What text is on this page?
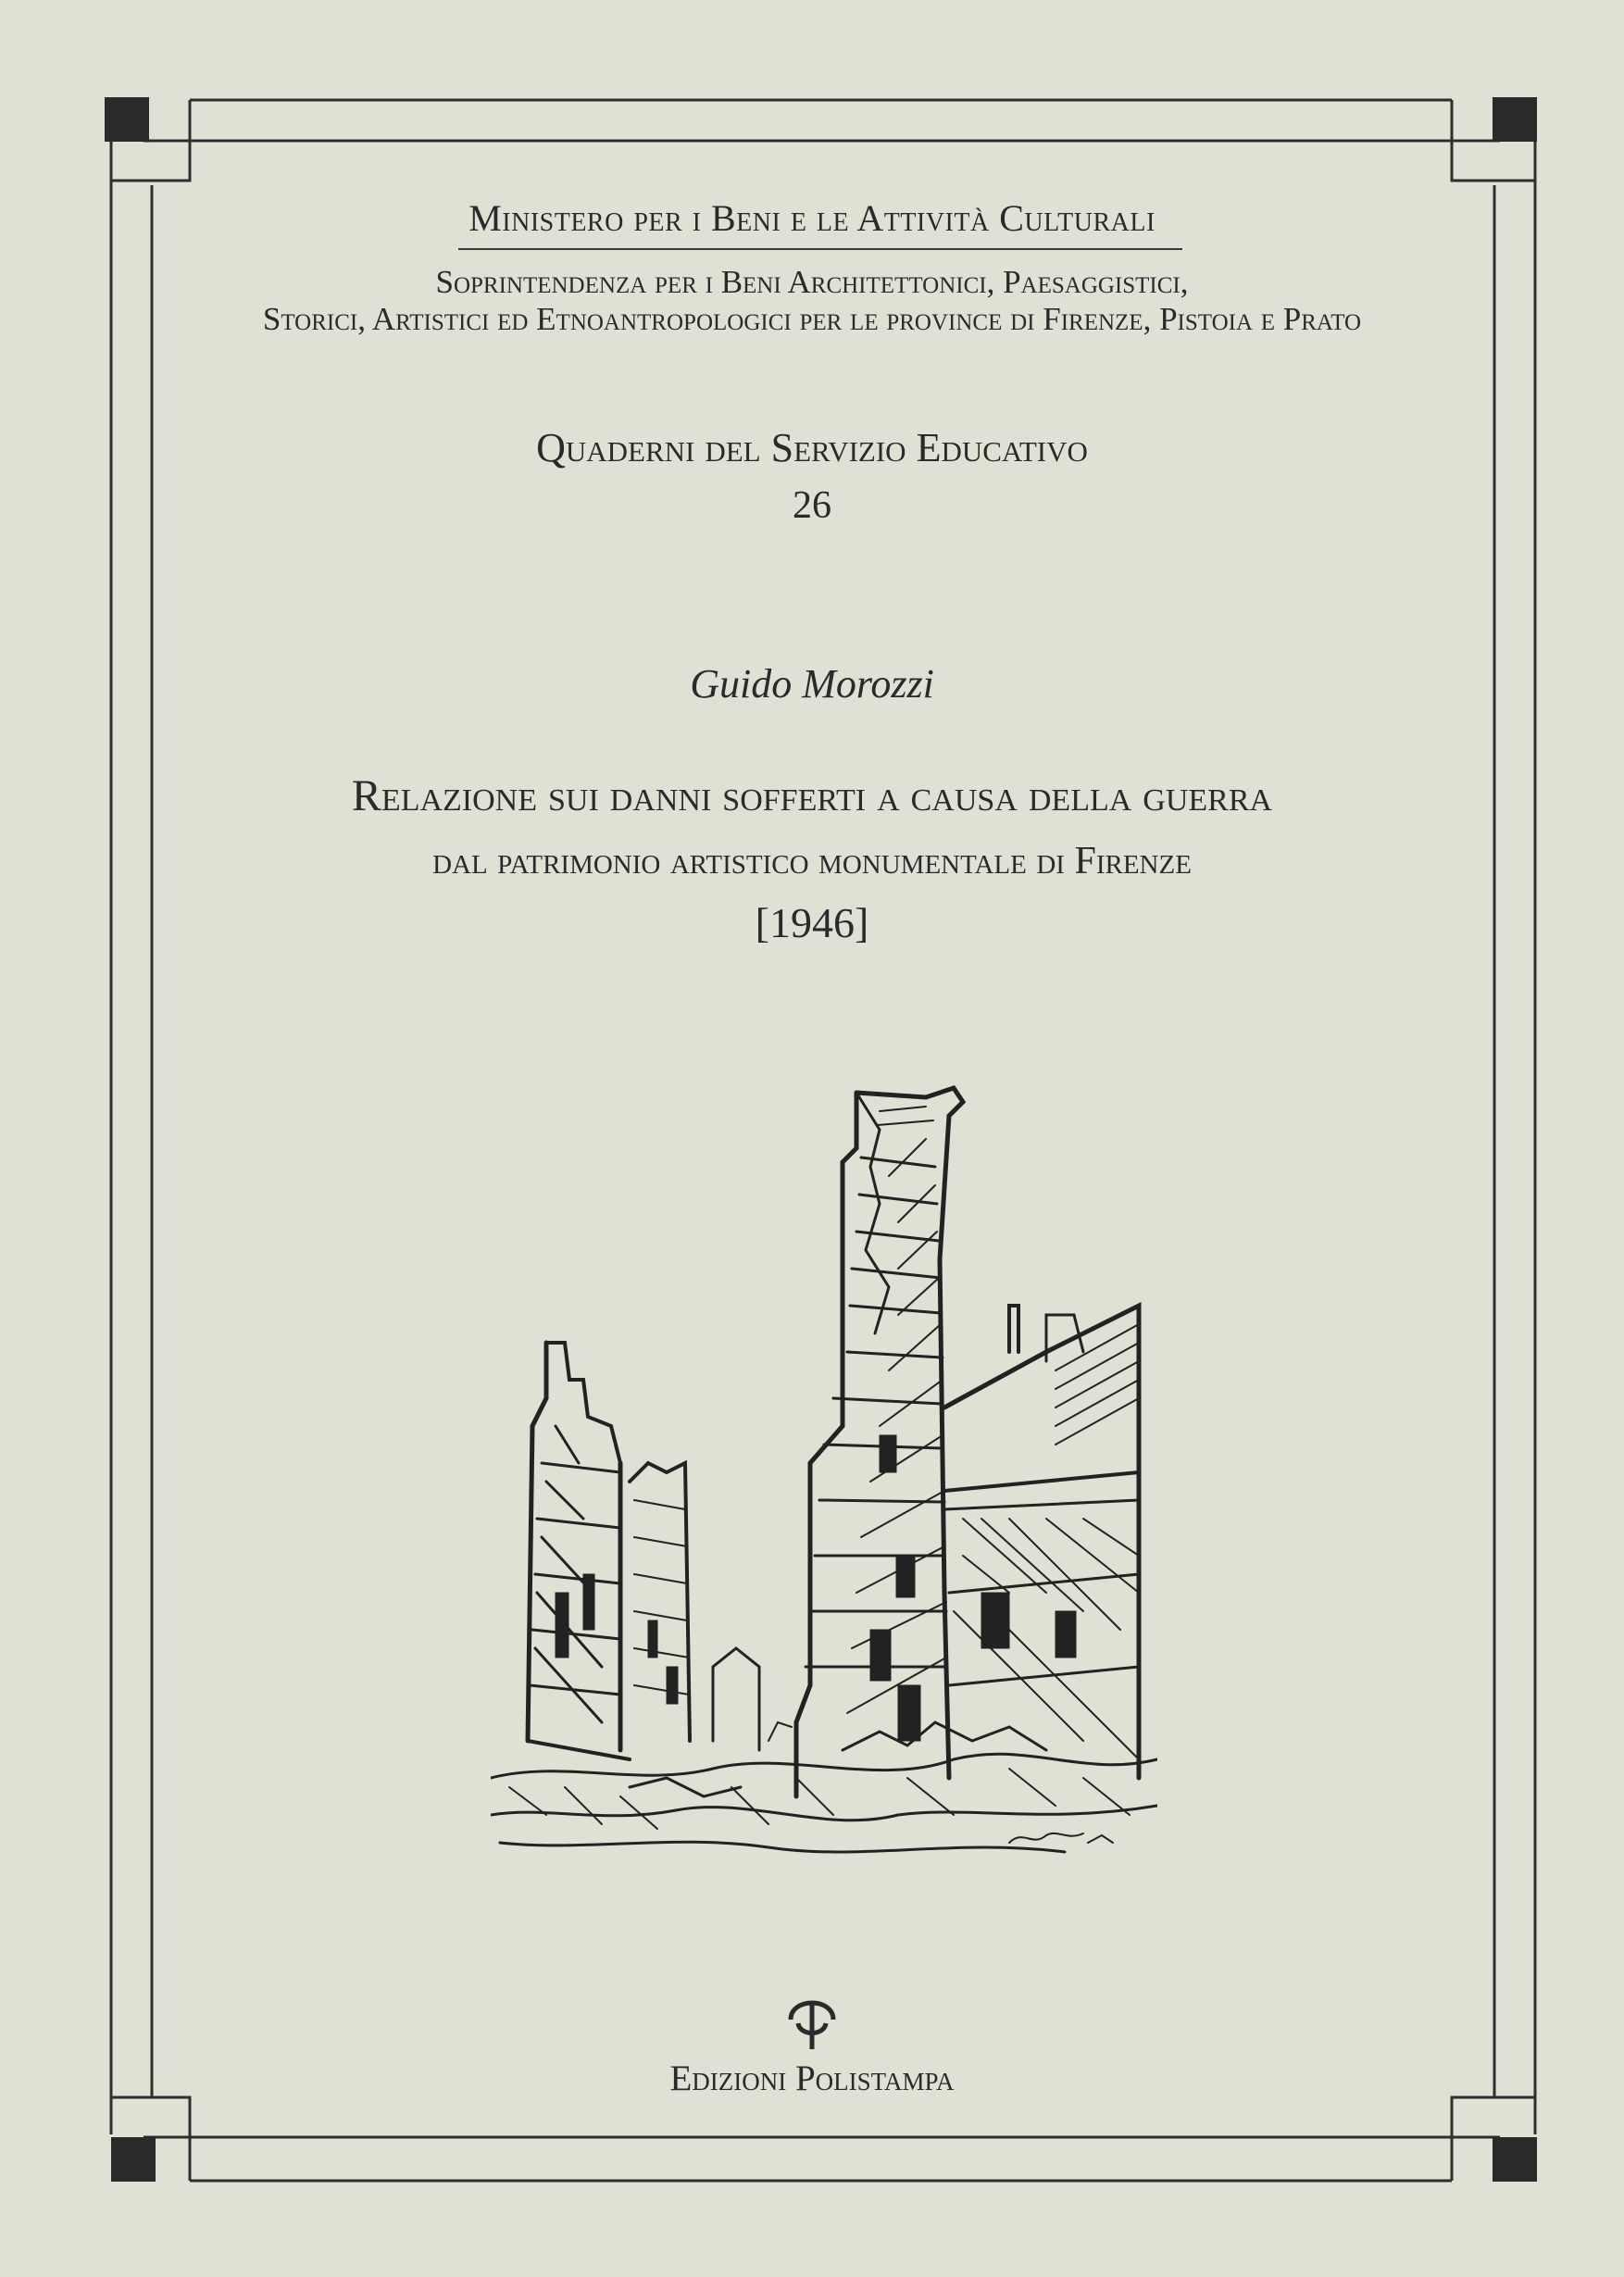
Ministero per i Beni e le Attività Culturali
Soprintendenza per i Beni Architettonici, Paesaggistici,
Storici, Artistici ed Etnoantropologici per le province di Firenze, Pistoia e Prato
Quaderni del Servizio Educativo
26
Guido Morozzi
Relazione sui danni sofferti a causa della guerra
dal patrimonio artistico monumentale di Firenze
[1946]
Edizioni Polistampa
